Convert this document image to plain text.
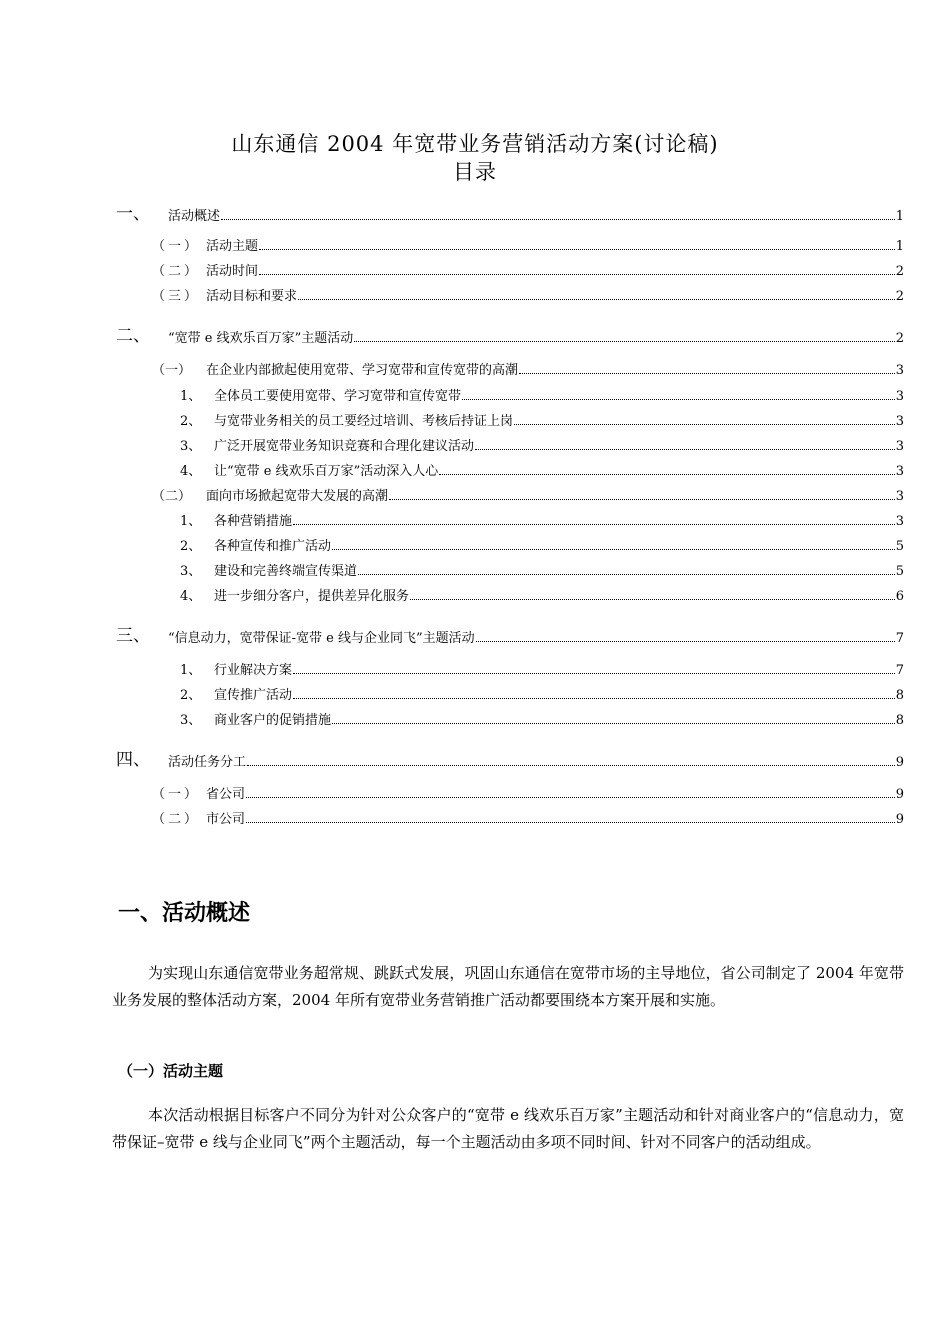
山东通信 2004 年宽带业务营销活动方案(讨论稿)
目录
一、	活动概述	1
（一） 活动主题	1
（二） 活动时间	2
（三） 活动目标和要求	2
二、	“宽带 e 线欢乐百万家”主题活动	2
（一）	在企业内部掀起使用宽带、学习宽带和宣传宽带的高潮	3
1、 全体员工要使用宽带、学习宽带和宣传宽带	3
2、 与宽带业务相关的员工要经过培训、考核后持证上岗	3
3、 广泛开展宽带业务知识竞赛和合理化建议活动	3
4、 让“宽带 e 线欢乐百万家”活动深入人心	3
（二）	面向市场掀起宽带大发展的高潮	3
1、 各种营销措施	3
2、 各种宣传和推广活动	5
3、 建设和完善终端宣传渠道	5
4、 进一步细分客户，提供差异化服务	6
三、	“信息动力，宽带保证-宽带 e 线与企业同飞”主题活动	7
1、 行业解决方案	7
2、 宣传推广活动	8
3、 商业客户的促销措施	8
四、	活动任务分工	9
（一） 省公司	9
（二） 市公司	9
一、活动概述

为实现山东通信宽带业务超常规、跳跃式发展，巩固山东通信在宽带市场的主导地位，省公司制定了 2004 年宽带业务发展的整体活动方案，2004 年所有宽带业务营销推广活动都要围绕本方案开展和实施。

（一）活动主题

本次活动根据目标客户不同分为针对公众客户的“宽带 e 线欢乐百万家”主题活动和针对商业客户的“信息动力，宽带保证–宽带 e 线与企业同飞”两个主题活动，每一个主题活动由多项不同时间、针对不同客户的活动组成。
